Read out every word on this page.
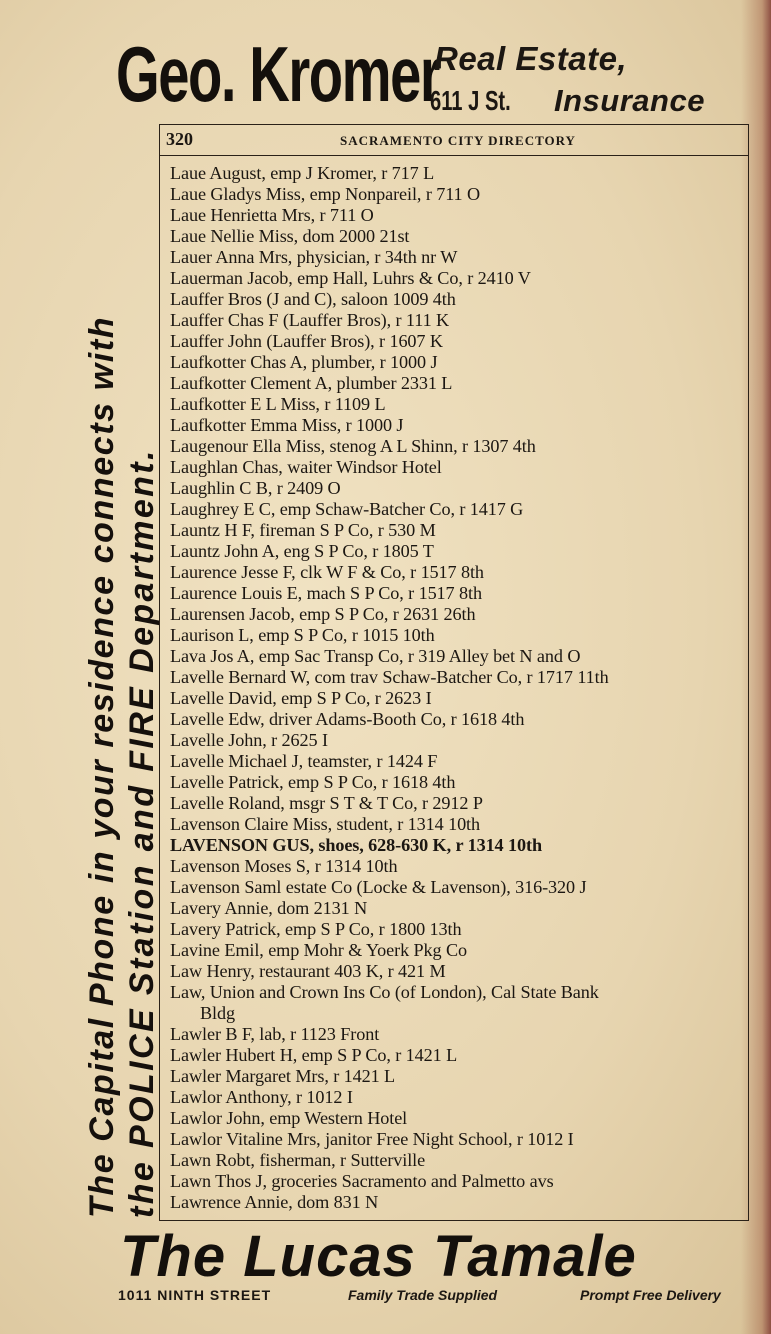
Geo. Kromer
Real Estate,
611 J St. Insurance
The Capital Phone in your residence connects with the POLICE Station and FIRE Department.
320	SACRAMENTO CITY DIRECTORY
Laue August, emp J Kromer, r 717 L
Laue Gladys Miss, emp Nonpareil, r 711 O
Laue Henrietta Mrs, r 711 O
Laue Nellie Miss, dom 2000 21st
Lauer Anna Mrs, physician, r 34th nr W
Lauerman Jacob, emp Hall, Luhrs & Co, r 2410 V
Lauffer Bros (J and C), saloon 1009 4th
Lauffer Chas F (Lauffer Bros), r 111 K
Lauffer John (Lauffer Bros), r 1607 K
Laufkotter Chas A, plumber, r 1000 J
Laufkotter Clement A, plumber 2331 L
Laufkotter E L Miss, r 1109 L
Laufkotter Emma Miss, r 1000 J
Laugenour Ella Miss, stenog A L Shinn, r 1307 4th
Laughlan Chas, waiter Windsor Hotel
Laughlin C B, r 2409 O
Laughrey E C, emp Schaw-Batcher Co, r 1417 G
Launtz H F, fireman S P Co, r 530 M
Launtz John A, eng S P Co, r 1805 T
Laurence Jesse F, clk W F & Co, r 1517 8th
Laurence Louis E, mach S P Co, r 1517 8th
Laurensen Jacob, emp S P Co, r 2631 26th
Laurison L, emp S P Co, r 1015 10th
Lava Jos A, emp Sac Transp Co, r 319 Alley bet N and O
Lavelle Bernard W, com trav Schaw-Batcher Co, r 1717 11th
Lavelle David, emp S P Co, r 2623 I
Lavelle Edw, driver Adams-Booth Co, r 1618 4th
Lavelle John, r 2625 I
Lavelle Michael J, teamster, r 1424 F
Lavelle Patrick, emp S P Co, r 1618 4th
Lavelle Roland, msgr S T & T Co, r 2912 P
Lavenson Claire Miss, student, r 1314 10th
LAVENSON GUS, shoes, 628-630 K, r 1314 10th
Lavenson Moses S, r 1314 10th
Lavenson Saml estate Co (Locke & Lavenson), 316-320 J
Lavery Annie, dom 2131 N
Lavery Patrick, emp S P Co, r 1800 13th
Lavine Emil, emp Mohr & Yoerk Pkg Co
Law Henry, restaurant 403 K, r 421 M
Law, Union and Crown Ins Co (of London), Cal State Bank
Bldg
Lawler B F, lab, r 1123 Front
Lawler Hubert H, emp S P Co, r 1421 L
Lawler Margaret Mrs, r 1421 L
Lawlor Anthony, r 1012 I
Lawlor John, emp Western Hotel
Lawlor Vitaline Mrs, janitor Free Night School, r 1012 I
Lawn Robt, fisherman, r Sutterville
Lawn Thos J, groceries Sacramento and Palmetto avs
Lawrence Annie, dom 831 N
The Lucas Tamale
1011 NINTH STREET	Family Trade Supplied	Prompt Free Delivery
